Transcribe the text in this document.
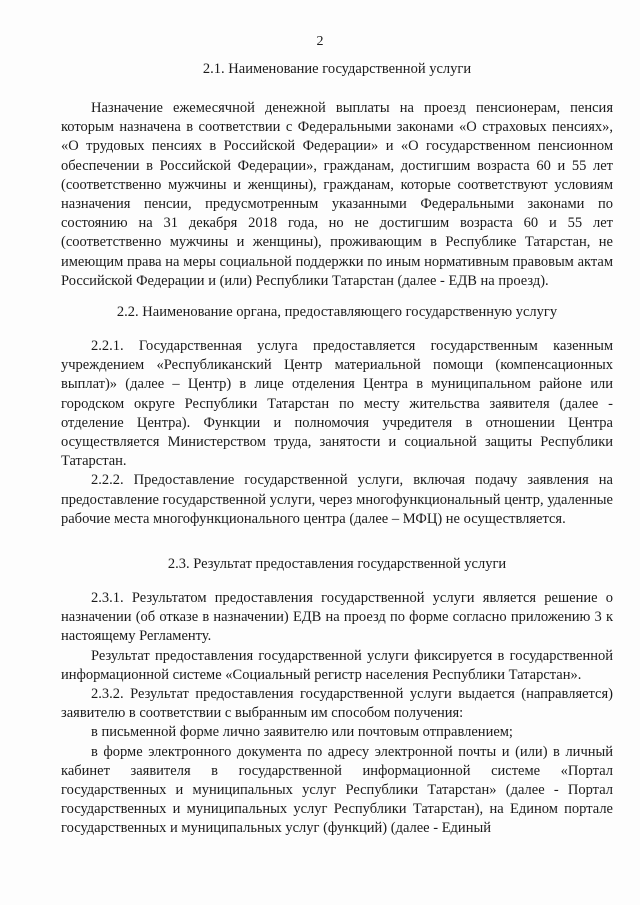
2

2.1. Наименование государственной услуги

Назначение ежемесячной денежной выплаты на проезд пенсионерам, пенсия которым назначена в соответствии с Федеральными законами «О страховых пенсиях», «О трудовых пенсиях в Российской Федерации» и «О государственном пенсионном обеспечении в Российской Федерации», гражданам, достигшим возраста 60 и 55 лет (соответственно мужчины и женщины), гражданам, которые соответствуют условиям назначения пенсии, предусмотренным указанными Федеральными законами по состоянию на 31 декабря 2018 года, но не достигшим возраста 60 и 55 лет (соответственно мужчины и женщины), проживающим в Республике Татарстан, не имеющим права на меры социальной поддержки по иным нормативным правовым актам Российской Федерации и (или) Республики Татарстан (далее - ЕДВ на проезд).

2.2. Наименование органа, предоставляющего государственную услугу

2.2.1. Государственная услуга предоставляется государственным казенным учреждением «Республиканский Центр материальной помощи (компенсационных выплат)» (далее – Центр) в лице отделения Центра в муниципальном районе или городском округе Республики Татарстан по месту жительства заявителя (далее - отделение Центра). Функции и полномочия учредителя в отношении Центра осуществляется Министерством труда, занятости и социальной защиты Республики Татарстан.

2.2.2. Предоставление государственной услуги, включая подачу заявления на предоставление государственной услуги, через многофункциональный центр, удаленные рабочие места многофункционального центра (далее – МФЦ) не осуществляется.

2.3. Результат предоставления государственной услуги

2.3.1. Результатом предоставления государственной услуги является решение о назначении (об отказе в назначении) ЕДВ на проезд по форме согласно приложению 3 к настоящему Регламенту.

Результат предоставления государственной услуги фиксируется в государственной информационной системе «Социальный регистр населения Республики Татарстан».

2.3.2. Результат предоставления государственной услуги выдается (направляется) заявителю в соответствии с выбранным им способом получения:

в письменной форме лично заявителю или почтовым отправлением;

в форме электронного документа по адресу электронной почты и (или) в личный кабинет заявителя в государственной информационной системе «Портал государственных и муниципальных услуг Республики Татарстан» (далее - Портал государственных и муниципальных услуг Республики Татарстан), на Едином портале государственных и муниципальных услуг (функций) (далее - Единый
